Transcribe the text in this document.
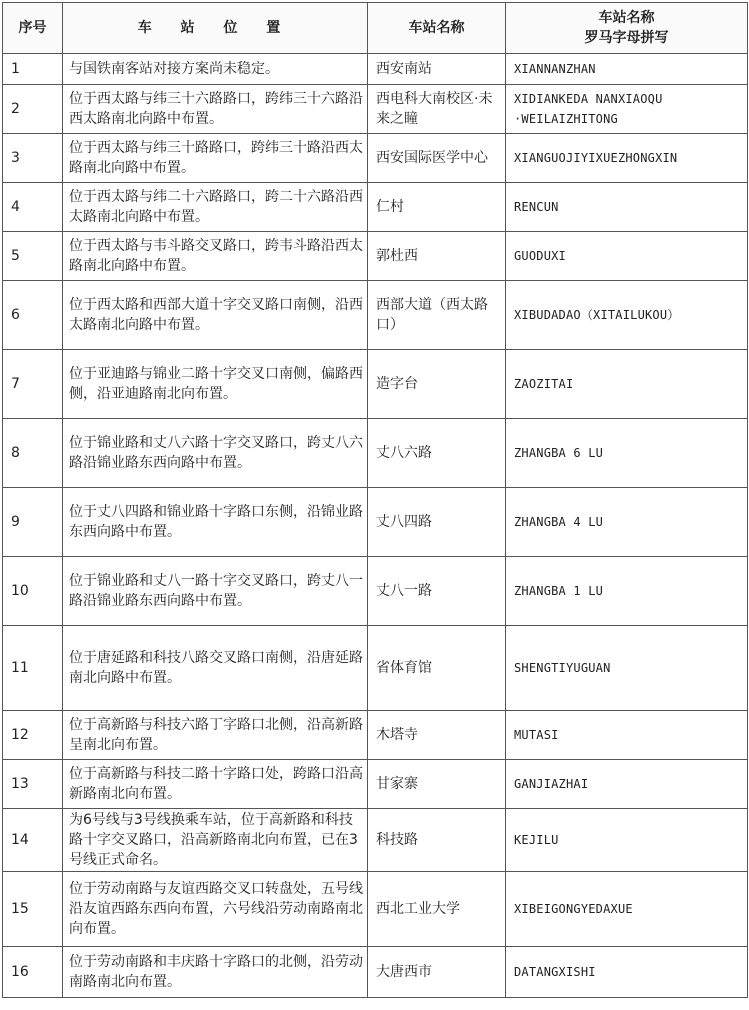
序号	车 站 位 置	车站名称	车站名称
罗马字母拼写

1	与国铁南客站对接方案尚未稳定。	西安南站	XIANNANZHAN
2	位于西太路与纬三十六路路口，跨纬三十六路沿西太路南北向路中布置。	西电科大南校区·未来之瞳	XIDIANKEDA NANXIAOQU ·WEILAIZHITONG
3	位于西太路与纬三十路路口，跨纬三十路沿西太路南北向路中布置。	西安国际医学中心	XIANGUOJIYIXUEZHONGXIN
4	位于西太路与纬二十六路路口，跨二十六路沿西太路南北向路中布置。	仁村	RENCUN
5	位于西太路与韦斗路交叉路口，跨韦斗路沿西太路南北向路中布置。	郭杜西	GUODUXI
6	位于西太路和西部大道十字交叉路口南侧，沿西太路南北向路中布置。	西部大道（西太路口）	XIBUDADAO（XITAILUKOU）
7	位于亚迪路与锦业二路十字交叉口南侧，偏路西侧，沿亚迪路南北向布置。	造字台	ZAOZITAI
8	位于锦业路和丈八六路十字交叉路口，跨丈八六路沿锦业路东西向路中布置。	丈八六路	ZHANGBA 6 LU
9	位于丈八四路和锦业路十字路口东侧，沿锦业路东西向路中布置。	丈八四路	ZHANGBA 4 LU
10	位于锦业路和丈八一路十字交叉路口，跨丈八一路沿锦业路东西向路中布置。	丈八一路	ZHANGBA 1 LU
11	位于唐延路和科技八路交叉路口南侧，沿唐延路南北向路中布置。	省体育馆	SHENGTIYUGUAN
12	位于高新路与科技六路丁字路口北侧，沿高新路呈南北向布置。	木塔寺	MUTASI
13	位于高新路与科技二路十字路口处，跨路口沿高新路南北向布置。	甘家寨	GANJIAZHAI
14	为6号线与3号线换乘车站，位于高新路和科技路十字交叉路口，沿高新路南北向布置，已在3号线正式命名。	科技路	KEJILU
15	位于劳动南路与友谊西路交叉口转盘处，五号线沿友谊西路东西向布置，六号线沿劳动南路南北向布置。	西北工业大学	XIBEIGONGYEDAXUE
16	位于劳动南路和丰庆路十字路口的北侧，沿劳动南路南北向布置。	大唐西市	DATANGXISHI
